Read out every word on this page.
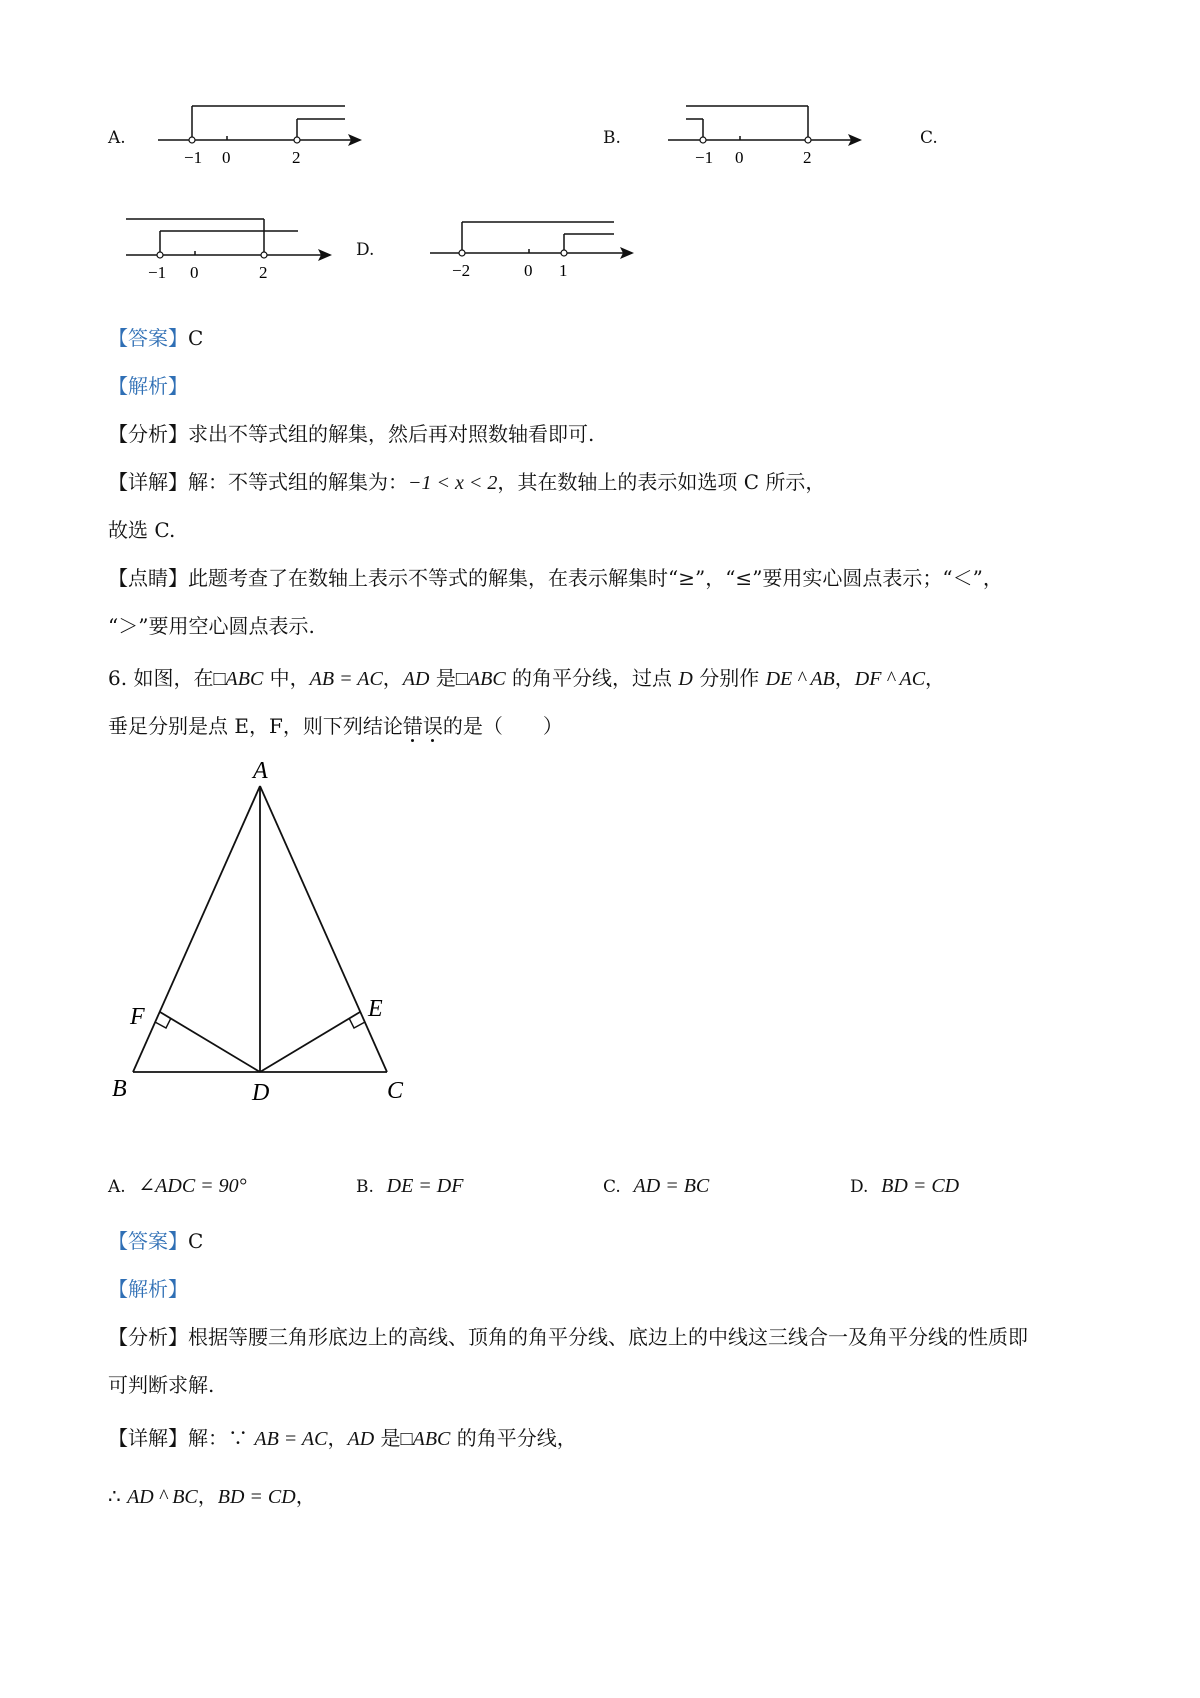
A.
−1 0	2
B.
−1 0	2
C.
−1 0	2
D.
−2	0 1
【答案】C
【解析】
【分析】求出不等式组的解集，然后再对照数轴看即可.
【详解】解：不等式组的解集为：−1 < x < 2，其在数轴上的表示如选项 C 所示，
故选 C.
【点睛】此题考查了在数轴上表示不等式的解集，在表示解集时“≥”，“≤”要用实心圆点表示；“＜”，
“＞”要用空心圆点表示.
6. 如图，在□ABC 中，AB = AC，AD 是□ABC 的角平分线，过点 D 分别作 DE ^ AB，DF ^ AC，
垂足分别是点 E，F，则下列结论错误的是（　　）
A
B	C
D
E
F
A. ∠ADC = 90°	B. DE = DF	C. AD = BC	D. BD = CD
【答案】C
【解析】
【分析】根据等腰三角形底边上的高线、顶角的角平分线、底边上的中线这三线合一及角平分线的性质即
可判断求解.
【详解】解：∵ AB = AC，AD 是□ABC 的角平分线，
∴ AD ^ BC，BD = CD，
